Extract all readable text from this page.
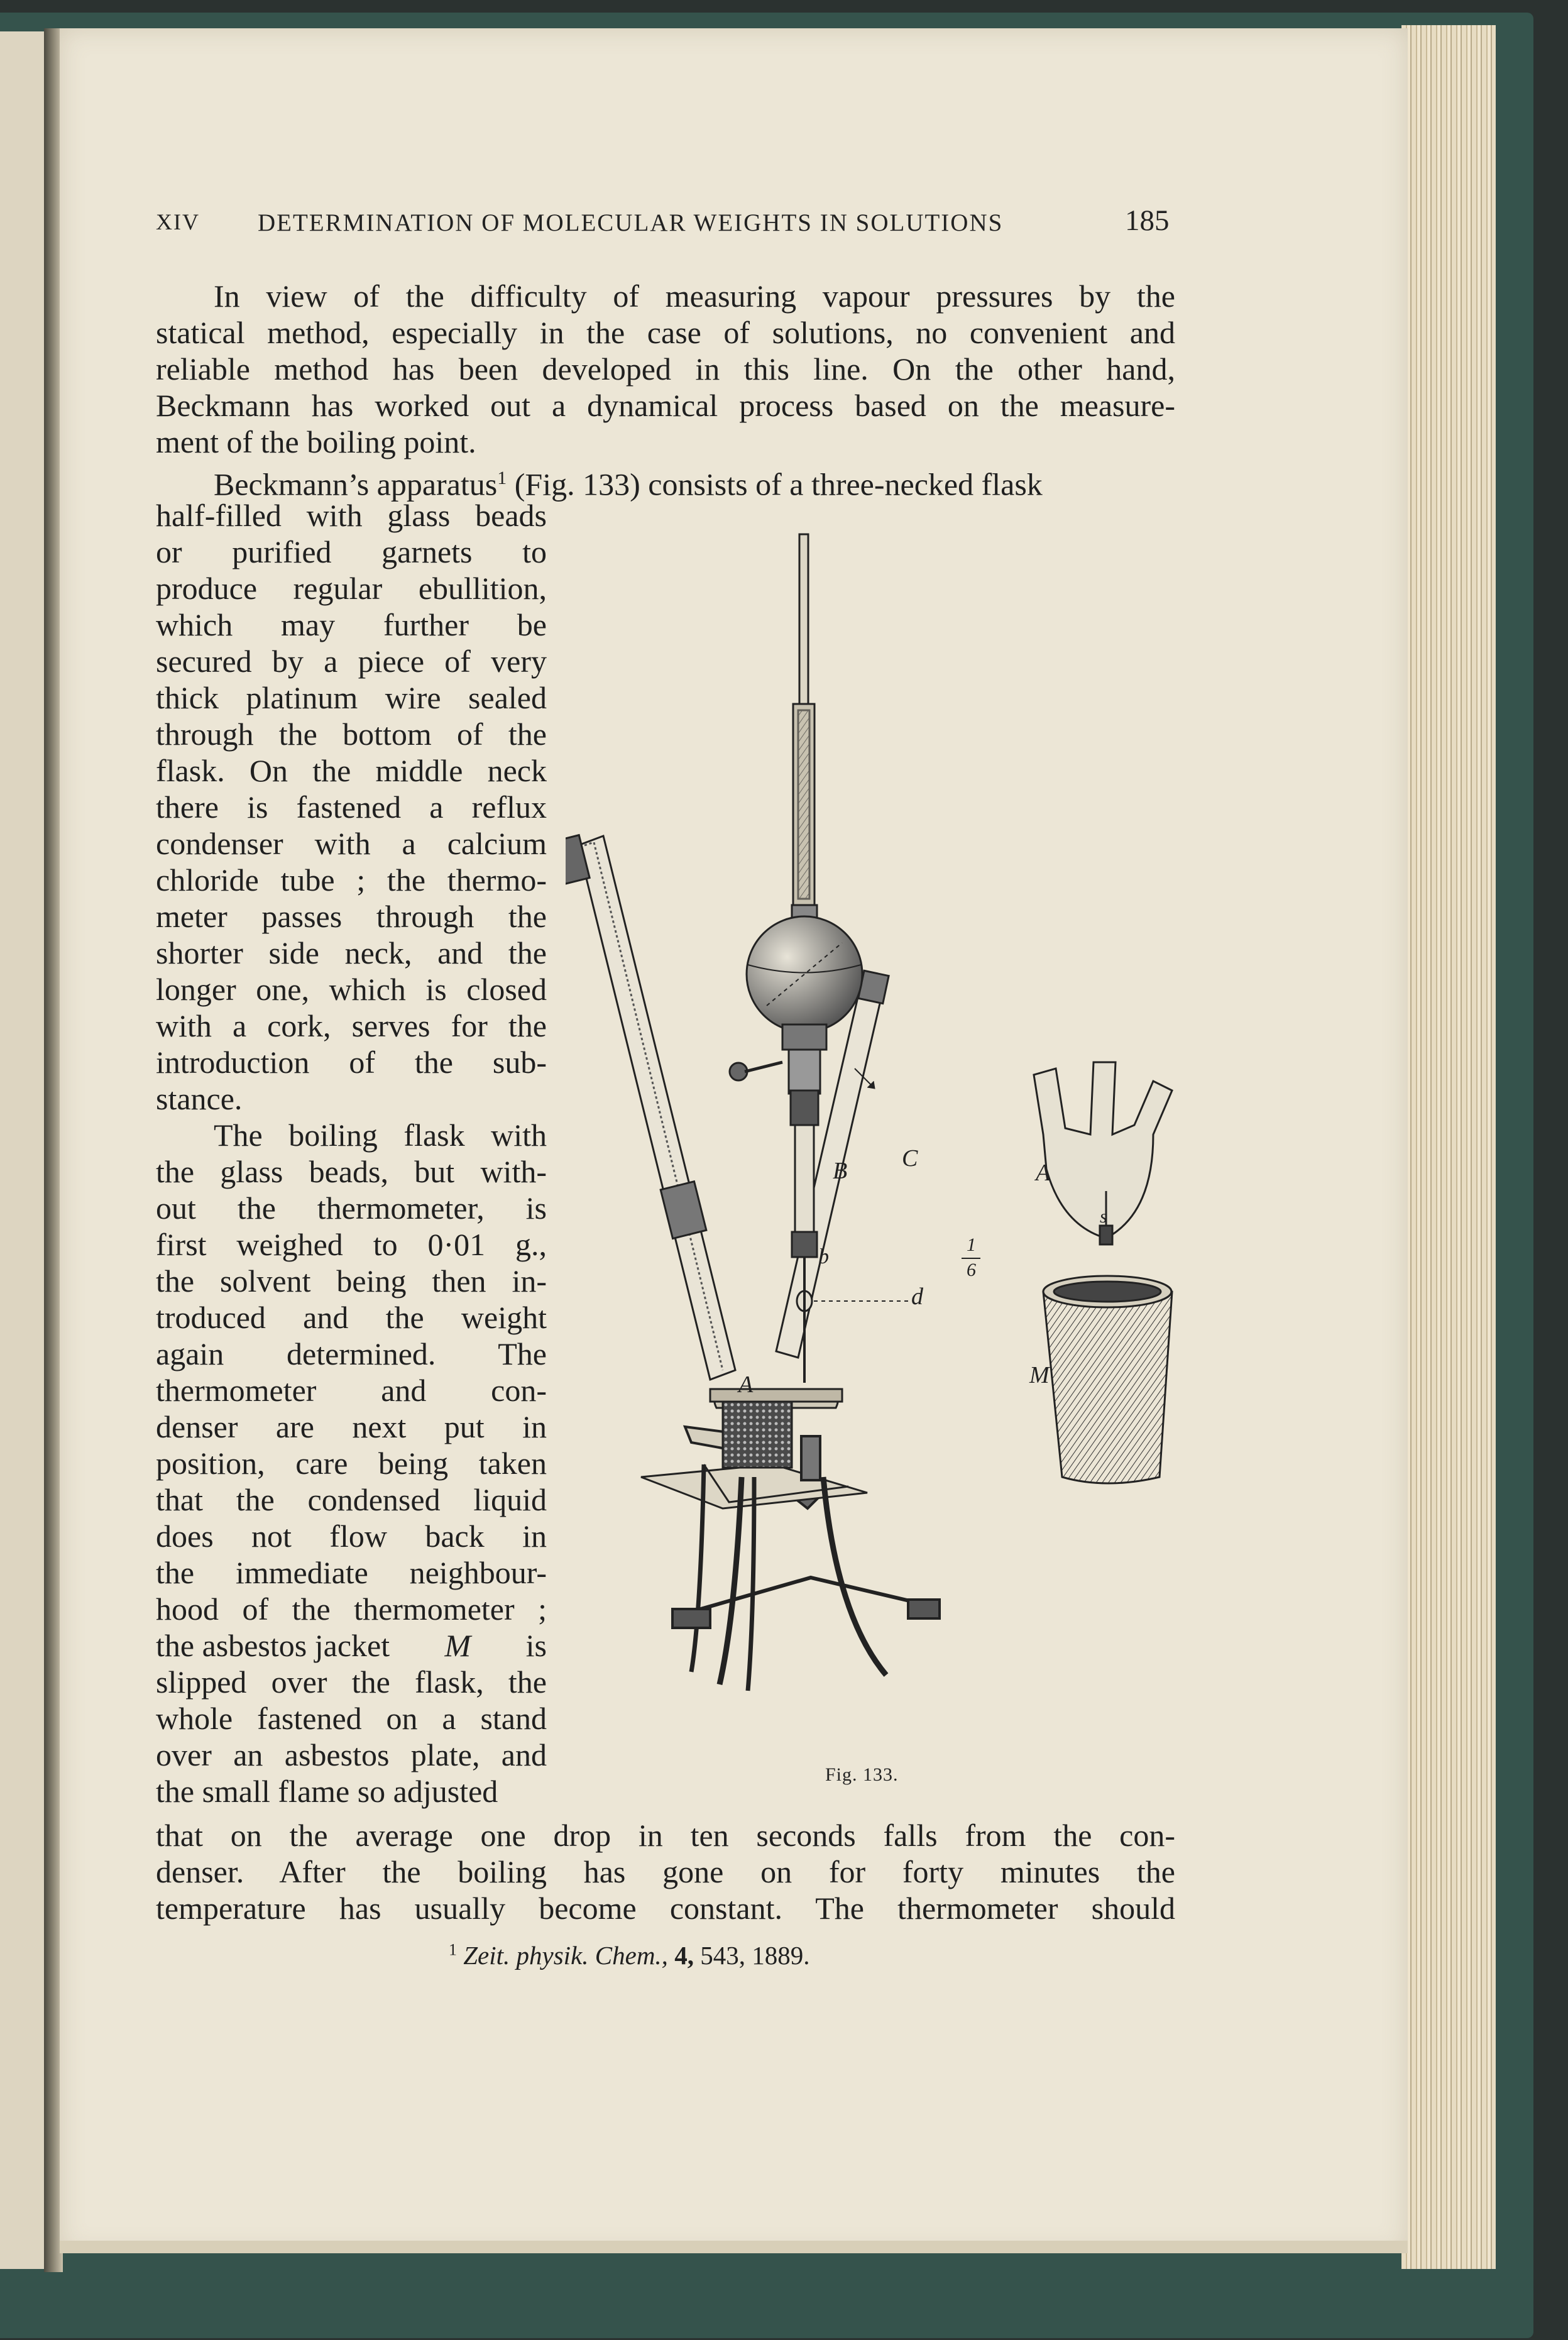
XIV DETERMINATION OF MOLECULAR WEIGHTS IN SOLUTIONS	185
In view of the difficulty of measuring vapour pressures by the
statical method, especially in the case of solutions, no convenient and
reliable method has been developed in this line. On the other hand,
Beckmann has worked out a dynamical process based on the measure-
ment of the boiling point.
Beckmann’s apparatus$^1$ (Fig. 133) consists of a three-necked flask
half-filled with glass beads
or purified garnets to
produce regular ebullition,
which may further be
secured by a piece of very
thick platinum wire sealed
through the bottom of the
flask. On the middle neck
there is fastened a reflux
condenser with a calcium
chloride tube ; the thermo-
meter passes through the
shorter side neck, and the
longer one, which is closed
with a cork, serves for the
introduction of the sub-
stance.
The boiling flask with
the glass beads, but with-
out the thermometer, is
first weighed to 0·01 g.,
the solvent being then in-
troduced and the weight
again determined. The
thermometer and con-
denser are next put in
position, care being taken
that the condensed liquid
does not flow back in
the immediate neighbour-
hood of the thermometer ;
the asbestos jacket M is
slipped over the flask, the
whole fastened on a stand
over an asbestos plate, and
the small flame so adjusted
that on the average one drop in ten seconds falls from the con-
denser. After the boiling has gone on for forty minutes the
temperature has usually become constant. The thermometer should
A
B C
b
d
A
s
M
1
6
Fig. 133.
$^1$ Zeit. physik. Chem., 4, 543, 1889.
